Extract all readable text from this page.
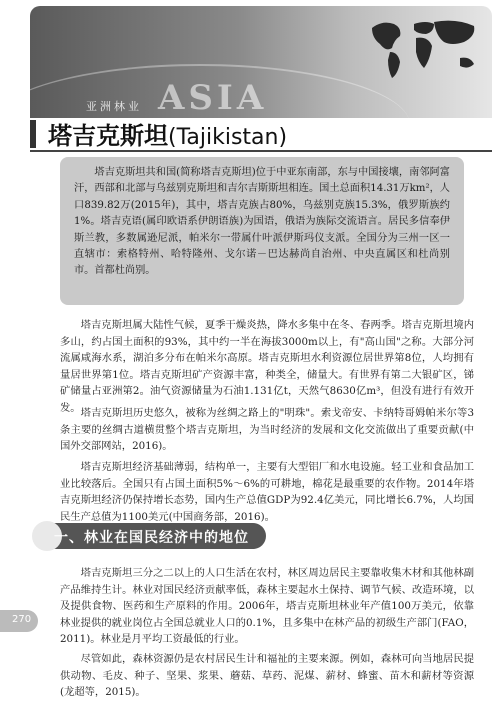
亚洲林业 ASIA
塔吉克斯坦(Tajikistan)

塔吉克斯坦共和国(简称塔吉克斯坦)位于中亚东南部，东与中国接壤，南邻阿富汗，西部和北部与乌兹别克斯坦和吉尔吉斯斯坦相连。国土总面积14.31万km²，人口839.82万(2015年)，其中，塔吉克族占80%，乌兹别克族15.3%，俄罗斯族约1%。塔吉克语(属印欧语系伊朗语族)为国语，俄语为族际交流语言。居民多信奉伊斯兰教，多数属逊尼派，帕米尔一带属什叶派伊斯玛仪支派。全国分为三州一区一直辖市：索格特州、哈特隆州、戈尔诺－巴达赫尚自治州、中央直属区和杜尚别市。首都杜尚别。

塔吉克斯坦属大陆性气候，夏季干燥炎热，降水多集中在冬、春两季。塔吉克斯坦境内多山，约占国土面积的93%，其中约一半在海拔3000m以上，有"高山国"之称。大部分河流属咸海水系，湖泊多分布在帕米尔高原。塔吉克斯坦水利资源位居世界第8位，人均拥有量居世界第1位。塔吉克斯坦矿产资源丰富，种类全，储量大。有世界有第二大银矿区，锑矿储量占亚洲第2。油气资源储量为石油1.131亿t，天然气8630亿m³，但没有进行有效开发。 塔吉克斯坦历史悠久，被称为丝绸之路上的"明珠"。索戈帝安、卡纳特哥姆帕米尔等3条主要的丝绸古道横贯整个塔吉克斯坦，为当时经济的发展和文化交流做出了重要贡献(中国外交部网站，2016)。

塔吉克斯坦经济基础薄弱，结构单一，主要有大型铝厂和水电设施。轻工业和食品加工业比较落后。全国只有占国土面积5%～6%的可耕地，棉花是最重要的农作物。2014年塔吉克斯坦经济仍保持增长态势，国内生产总值GDP为92.4亿美元，同比增长6.7%，人均国民生产总值为1100美元(中国商务部，2016)。

一、林业在国民经济中的地位

塔吉克斯坦三分之二以上的人口生活在农村，林区周边居民主要靠收集木材和其他林副产品维持生计。林业对国民经济贡献率低，森林主要起水土保持、调节气候、改造环境，以及提供食物、医药和生产原料的作用。2006年，塔吉克斯坦林业年产值100万美元，依靠林业提供的就业岗位占全国总就业人口的0.1%，且多集中在林产品的初级生产部门(FAO，2011)。林业是月平均工资最低的行业。

尽管如此，森林资源仍是农村居民生计和福祉的主要来源。例如，森林可向当地居民提供动物、毛皮、种子、坚果、浆果、蘑菇、草药、泥煤、薪材、蜂蜜、苗木和薪材等资源(龙超等，2015)。

270
